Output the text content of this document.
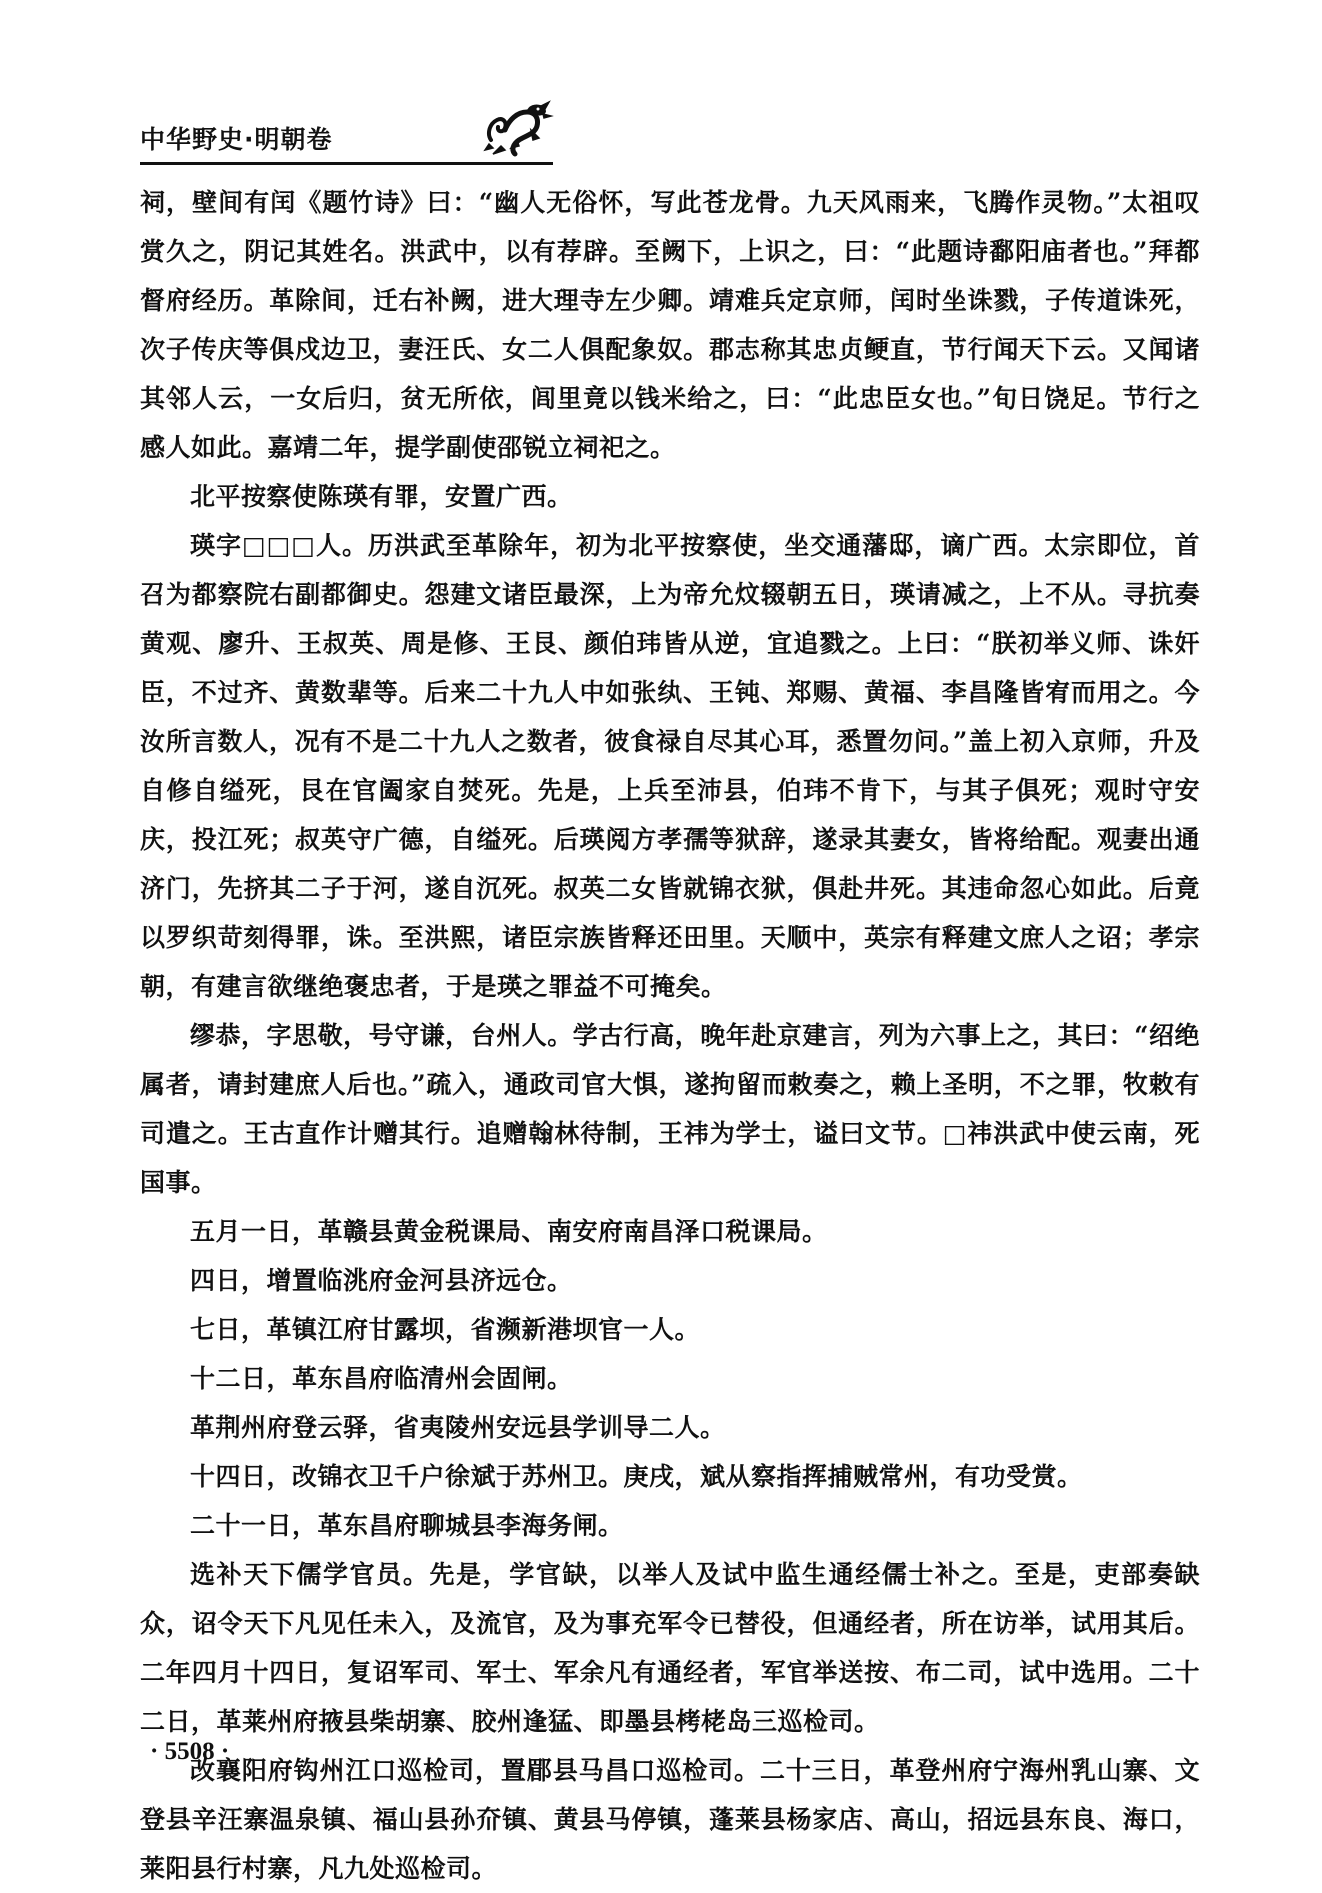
中华野史·明朝卷

祠，壁间有闰《题竹诗》曰：“幽人无俗怀，写此苍龙骨。九天风雨来，飞腾作灵物。”太祖叹赏久之，阴记其姓名。洪武中，以有荐辟。至阙下，上识之，曰：“此题诗鄱阳庙者也。”拜都督府经历。革除间，迁右补阙，进大理寺左少卿。靖难兵定京师，闰时坐诛戮，子传道诛死，次子传庆等俱戍边卫，妻汪氏、女二人俱配象奴。郡志称其忠贞鲠直，节行闻天下云。又闻诸其邻人云，一女后归，贫无所依，闾里竟以钱米给之，曰：“此忠臣女也。”旬日饶足。节行之感人如此。嘉靖二年，提学副使邵锐立祠祀之。

北平按察使陈瑛有罪，安置广西。

瑛字□□□人。历洪武至革除年，初为北平按察使，坐交通藩邸，谪广西。太宗即位，首召为都察院右副都御史。怨建文诸臣最深，上为帝允炆辍朝五日，瑛请减之，上不从。寻抗奏黄观、廖升、王叔英、周是修、王艮、颜伯玮皆从逆，宜追戮之。上曰：“朕初举义师、诛奸臣，不过齐、黄数辈等。后来二十九人中如张纨、王钝、郑赐、黄福、李昌隆皆宥而用之。今汝所言数人，况有不是二十九人之数者，彼食禄自尽其心耳，悉置勿问。”盖上初入京师，升及自修自缢死，艮在官阖家自焚死。先是，上兵至沛县，伯玮不肯下，与其子俱死；观时守安庆，投江死；叔英守广德，自缢死。后瑛阅方孝孺等狱辞，遂录其妻女，皆将给配。观妻出通济门，先挤其二子于河，遂自沉死。叔英二女皆就锦衣狱，俱赴井死。其违命忽心如此。后竟以罗织苛刻得罪，诛。至洪熙，诸臣宗族皆释还田里。天顺中，英宗有释建文庶人之诏；孝宗朝，有建言欲继绝褒忠者，于是瑛之罪益不可掩矣。

缪恭，字思敬，号守谦，台州人。学古行高，晚年赴京建言，列为六事上之，其曰：“绍绝属者，请封建庶人后也。”疏入，通政司官大惧，遂拘留而敕奏之，赖上圣明，不之罪，牧敕有司遣之。王古直作计赠其行。追赠翰林待制，王祎为学士，谥曰文节。□祎洪武中使云南，死国事。

五月一日，革赣县黄金税课局、南安府南昌泽口税课局。

四日，增置临洮府金河县济远仓。

七日，革镇江府甘露坝，省濒新港坝官一人。

十二日，革东昌府临清州会固闸。

革荆州府登云驿，省夷陵州安远县学训导二人。

十四日，改锦衣卫千户徐斌于苏州卫。庚戌，斌从察指挥捕贼常州，有功受赏。

二十一日，革东昌府聊城县李海务闸。

选补天下儒学官员。先是，学官缺，以举人及试中监生通经儒士补之。至是，吏部奏缺众，诏令天下凡见任未入，及流官，及为事充军令已替役，但通经者，所在访举，试用其后。二年四月十四日，复诏军司、军士、军余凡有通经者，军官举送按、布二司，试中选用。二十二日，革莱州府掖县柴胡寨、胶州逢猛、即墨县栲栳岛三巡检司。

改襄阳府钩州江口巡检司，置郿县马昌口巡检司。二十三日，革登州府宁海州乳山寨、文登县辛汪寨温泉镇、福山县孙夼镇、黄县马停镇，蓬莱县杨家店、高山，招远县东良、海口，莱阳县行村寨，凡九处巡检司。

· 5508 ·
